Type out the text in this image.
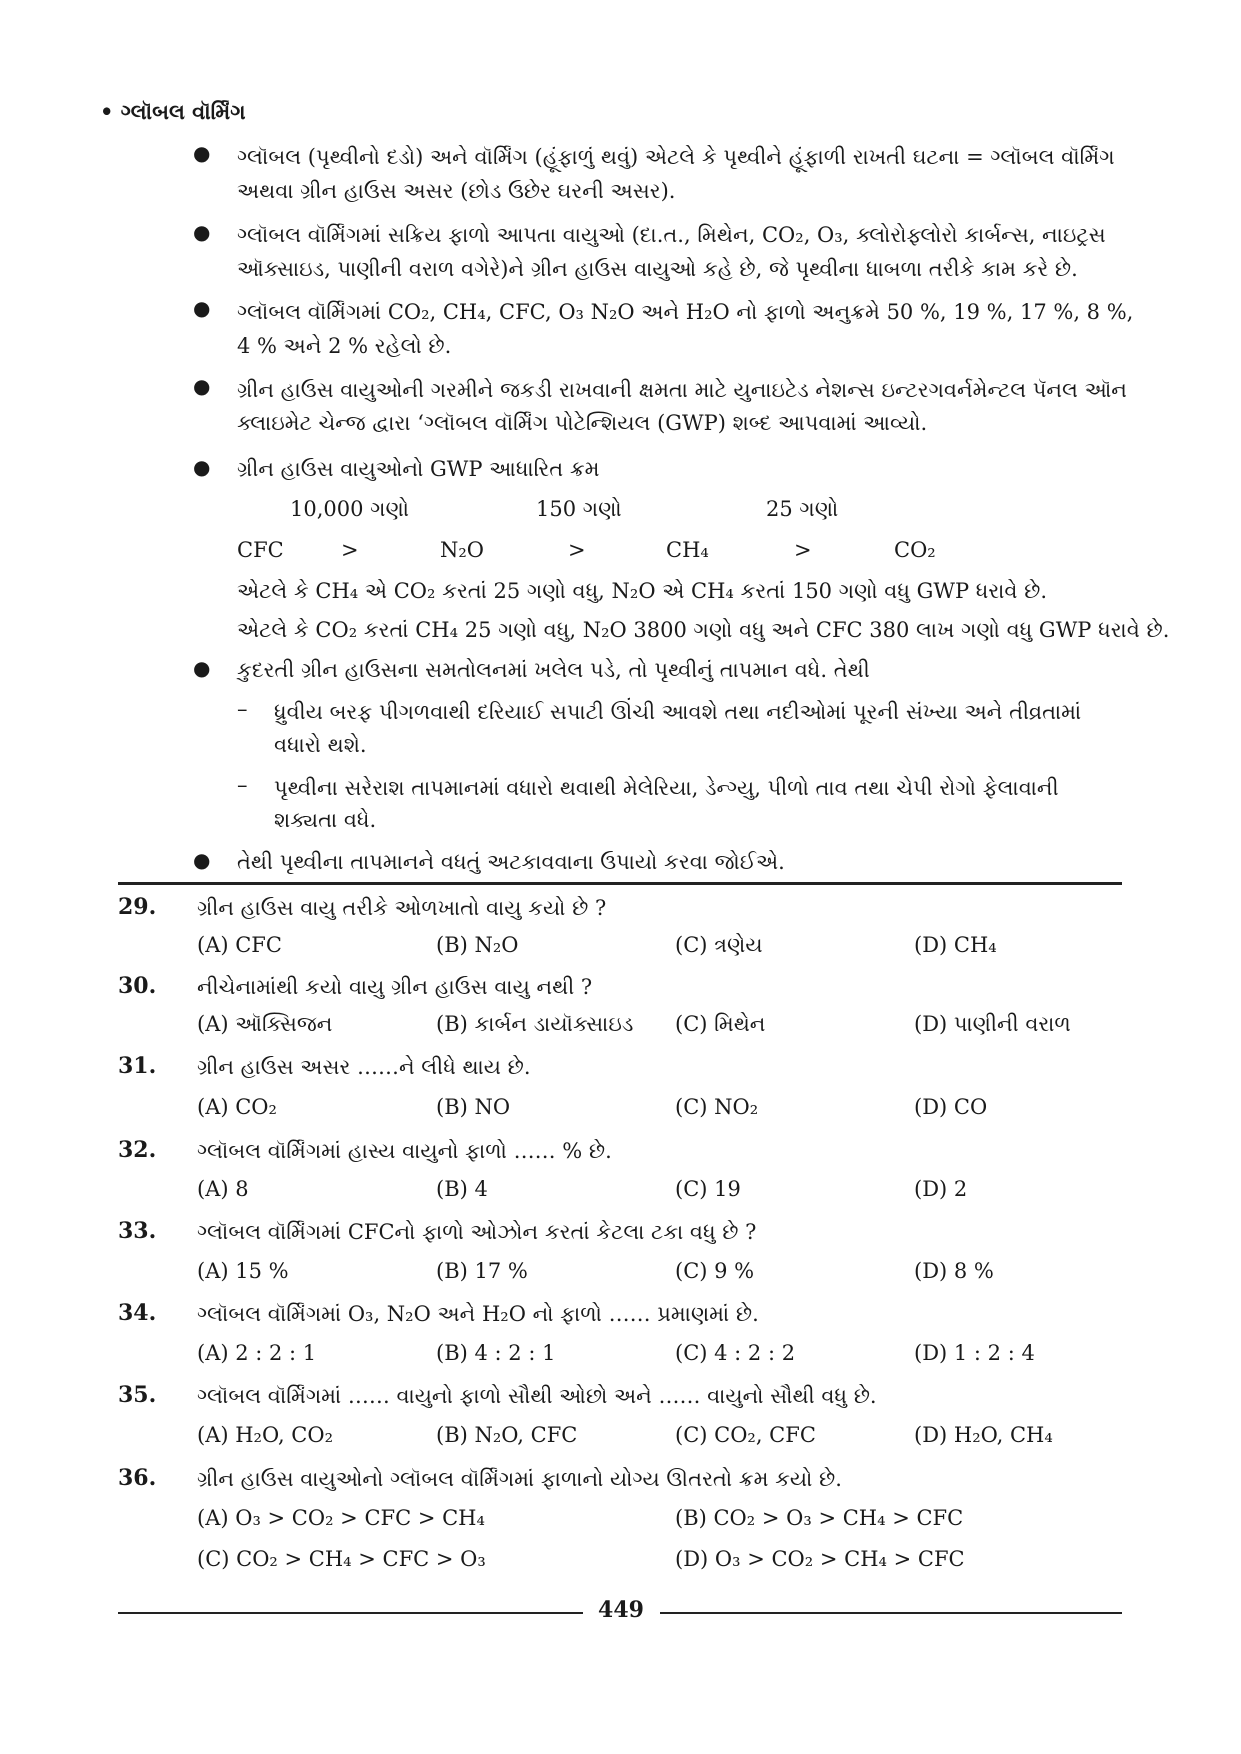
• ગ્લૉબલ વૉર્મિંગ
● ગ્લૉબલ (પૃથ્વીનો દડો) અને વૉર્મિંગ (હૂંફાળું થવું) એટલે કે પૃથ્વીને હૂંફાળી રાખતી ઘટના = ગ્લૉબલ વૉર્મિંગ
અથવા ગ્રીન હાઉસ અસર (છોડ ઉછેર ઘરની અસર).
● ગ્લૉબલ વૉર્મિંગમાં સક્રિય ફાળો આપતા વાયુઓ (દા.ત., મિથેન, CO₂, O₃, ક્લોરોફ્લોરો કાર્બન્સ, નાઇટ્રસ
ઑક્સાઇડ, પાણીની વરાળ વગેરે)ને ગ્રીન હાઉસ વાયુઓ કહે છે, જે પૃથ્વીના ધાબળા તરીકે કામ કરે છે.
● ગ્લૉબલ વૉર્મિંગમાં CO₂, CH₄, CFC, O₃ N₂O અને H₂O નો ફાળો અનુક્રમે 50 %, 19 %, 17 %, 8 %,
4 % અને 2 % રહેલો છે.
● ગ્રીન હાઉસ વાયુઓની ગરમીને જકડી રાખવાની ક્ષમતા માટે યુનાઇટેડ નેશન્સ ઇન્ટરગવર્નમેન્ટલ પૅનલ ઑન
ક્લાઇમેટ ચેન્જ દ્વારા ‘ગ્લૉબલ વૉર્મિંગ પોટેન્શિયલ (GWP) શબ્દ આપવામાં આવ્યો.
● ગ્રીન હાઉસ વાયુઓનો GWP આધારિત ક્રમ
10,000 ગણો	150 ગણો	25 ગણો
CFC	>	N₂O	>	CH₄	>	CO₂
એટલે કે CH₄ એ CO₂ કરતાં 25 ગણો વધુ, N₂O એ CH₄ કરતાં 150 ગણો વધુ GWP ધરાવે છે.
એટલે કે CO₂ કરતાં CH₄ 25 ગણો વધુ, N₂O 3800 ગણો વધુ અને CFC 380 લાખ ગણો વધુ GWP ધરાવે છે.
● કુદરતી ગ્રીન હાઉસના સમતોલનમાં ખલેલ પડે, તો પૃથ્વીનું તાપમાન વધે. તેથી
– ધ્રુવીય બરફ પીગળવાથી દરિયાઈ સપાટી ઊંચી આવશે તથા નદીઓમાં પૂરની સંખ્યા અને તીવ્રતામાં
વધારો થશે.
– પૃથ્વીના સરેરાશ તાપમાનમાં વધારો થવાથી મેલેરિયા, ડેન્ગ્યુ, પીળો તાવ તથા ચેપી રોગો ફેલાવાની
શક્યતા વધે.
● તેથી પૃથ્વીના તાપમાનને વધતું અટકાવવાના ઉપાયો કરવા જોઈએ.
29. ગ્રીન હાઉસ વાયુ તરીકે ઓળખાતો વાયુ કયો છે ?
(A) CFC	(B) N₂O	(C) ત્રણેય	(D) CH₄
30. નીચેનામાંથી કયો વાયુ ગ્રીન હાઉસ વાયુ નથી ?
(A) ઑક્સિજન	(B) કાર્બન ડાયૉક્સાઇડ (C) મિથેન	(D) પાણીની વરાળ
31. ગ્રીન હાઉસ અસર ……ને લીધે થાય છે.
(A) CO₂	(B) NO	(C) NO₂	(D) CO
32. ગ્લૉબલ વૉર્મિંગમાં હાસ્ય વાયુનો ફાળો …… % છે.
(A) 8	(B) 4	(C) 19	(D) 2
33. ગ્લૉબલ વૉર્મિંગમાં CFCનો ફાળો ઓઝોન કરતાં કેટલા ટકા વધુ છે ?
(A) 15 %	(B) 17 %	(C) 9 %	(D) 8 %
34. ગ્લૉબલ વૉર્મિંગમાં O₃, N₂O અને H₂O નો ફાળો …… પ્રમાણમાં છે.
(A) 2 : 2 : 1	(B) 4 : 2 : 1	(C) 4 : 2 : 2	(D) 1 : 2 : 4
35. ગ્લૉબલ વૉર્મિંગમાં …… વાયુનો ફાળો સૌથી ઓછો અને …… વાયુનો સૌથી વધુ છે.
(A) H₂O, CO₂	(B) N₂O, CFC	(C) CO₂, CFC	(D) H₂O, CH₄
36. ગ્રીન હાઉસ વાયુઓનો ગ્લૉબલ વૉર્મિંગમાં ફાળાનો યોગ્ય ઊતરતો ક્રમ કયો છે.
(A) O₃ > CO₂ > CFC > CH₄	(B) CO₂ > O₃ > CH₄ > CFC
(C) CO₂ > CH₄ > CFC > O₃	(D) O₃ > CO₂ > CH₄ > CFC
449
